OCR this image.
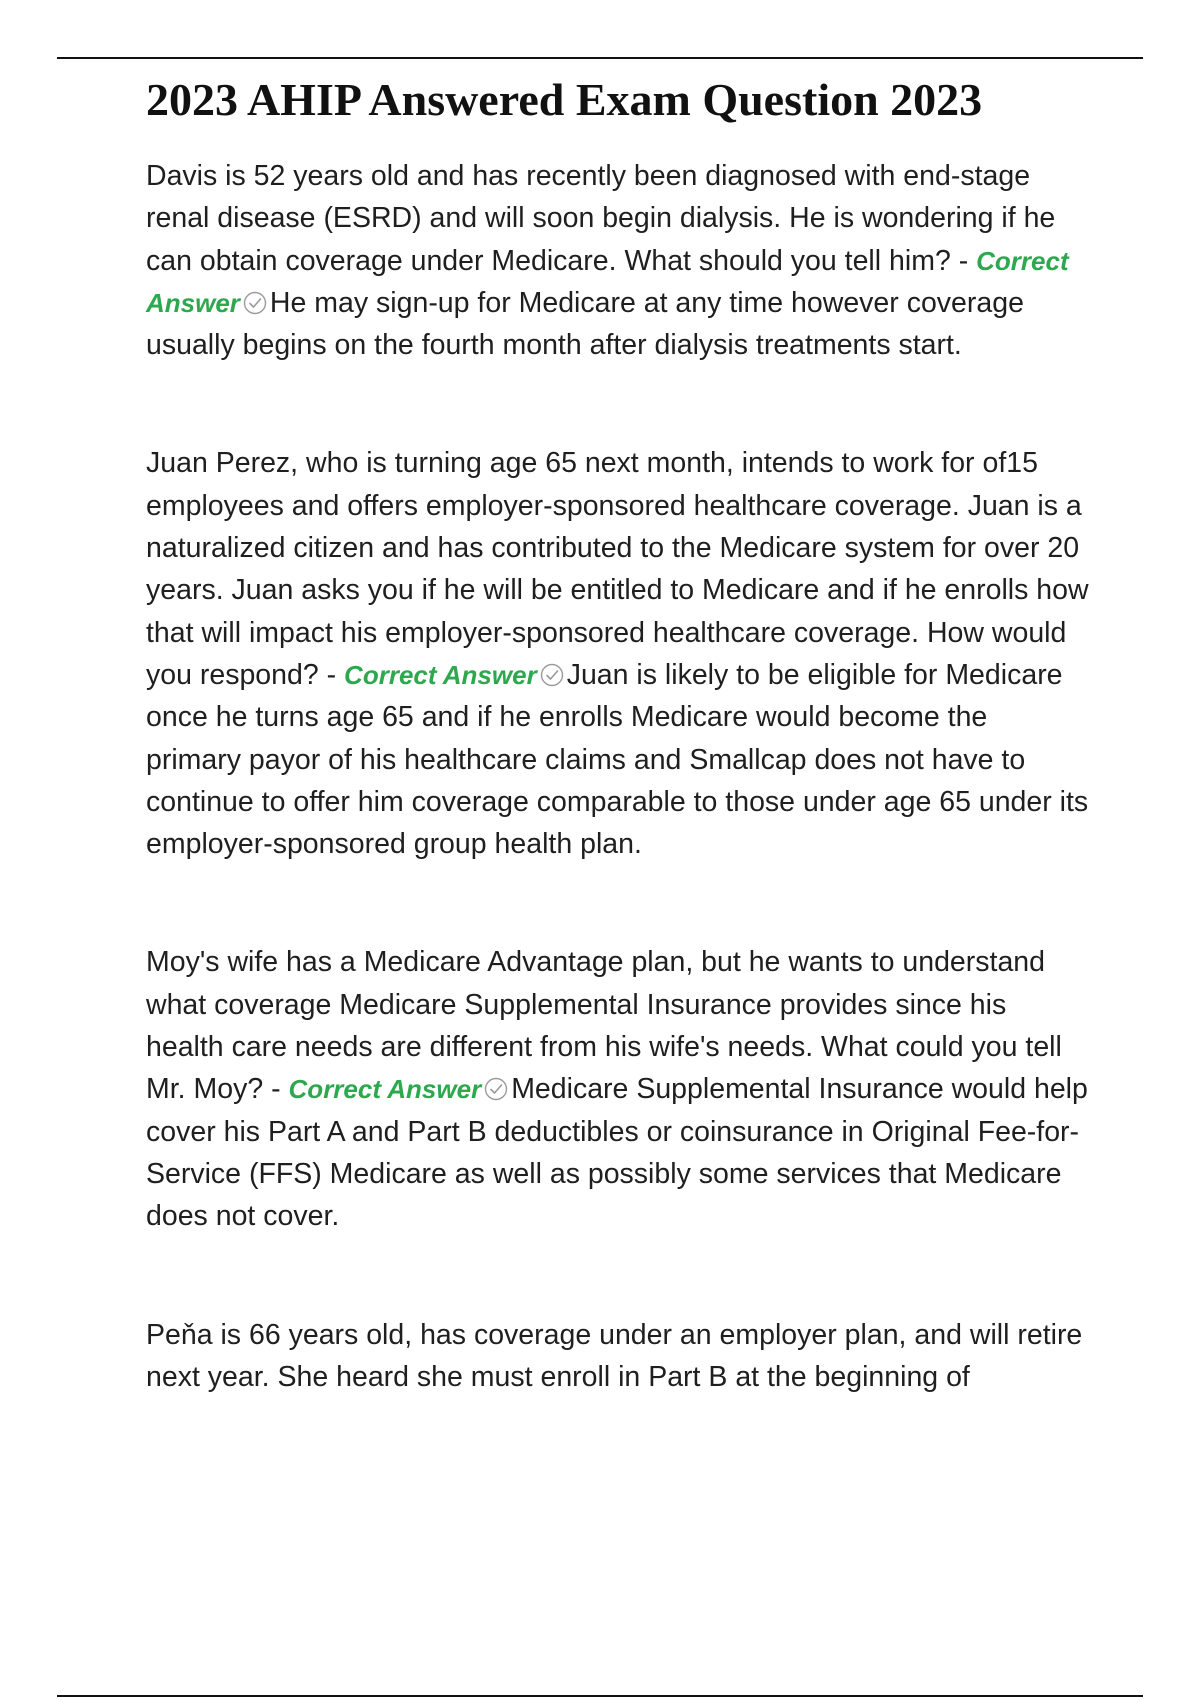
2023 AHIP Answered Exam Question 2023

Davis is 52 years old and has recently been diagnosed with end-stage renal disease (ESRD) and will soon begin dialysis. He is wondering if he can obtain coverage under Medicare. What should you tell him? - Correct Answer He may sign-up for Medicare at any time however coverage usually begins on the fourth month after dialysis treatments start.

Juan Perez, who is turning age 65 next month, intends to work for of15 employees and offers employer-sponsored healthcare coverage. Juan is a naturalized citizen and has contributed to the Medicare system for over 20 years. Juan asks you if he will be entitled to Medicare and if he enrolls how that will impact his employer-sponsored healthcare coverage. How would you respond? - Correct Answer Juan is likely to be eligible for Medicare once he turns age 65 and if he enrolls Medicare would become the primary payor of his healthcare claims and Smallcap does not have to continue to offer him coverage comparable to those under age 65 under its employer-sponsored group health plan.

Moy's wife has a Medicare Advantage plan, but he wants to understand what coverage Medicare Supplemental Insurance provides since his health care needs are different from his wife's needs. What could you tell Mr. Moy? - Correct Answer Medicare Supplemental Insurance would help cover his Part A and Part B deductibles or coinsurance in Original Fee-for-Service (FFS) Medicare as well as possibly some services that Medicare does not cover.

Peňa is 66 years old, has coverage under an employer plan, and will retire next year. She heard she must enroll in Part B at the beginning of
